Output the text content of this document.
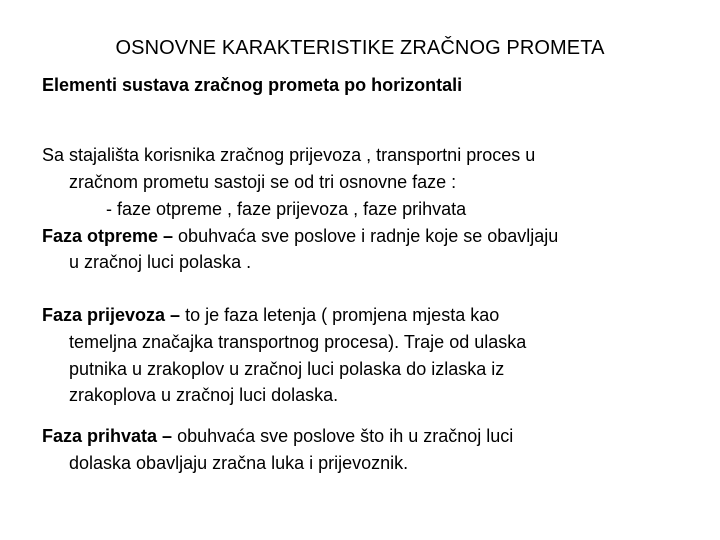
OSNOVNE KARAKTERISTIKE ZRAČNOG PROMETA
Elementi sustava zračnog prometa po horizontali
Sa stajališta korisnika zračnog prijevoza , transportni proces u
zračnom prometu sastoji se od tri osnovne faze :
- faze otpreme , faze prijevoza , faze prihvata
Faza otpreme – obuhvaća sve poslove i radnje koje se obavljaju
u zračnoj luci polaska .
Faza prijevoza – to je faza letenja ( promjena mjesta kao
temeljna značajka transportnog procesa). Traje od ulaska
putnika u zrakoplov u zračnoj luci polaska do izlaska iz
zrakoplova u zračnoj luci dolaska.
Faza prihvata – obuhvaća sve poslove što ih u zračnoj luci
dolaska obavljaju zračna luka i prijevoznik.
